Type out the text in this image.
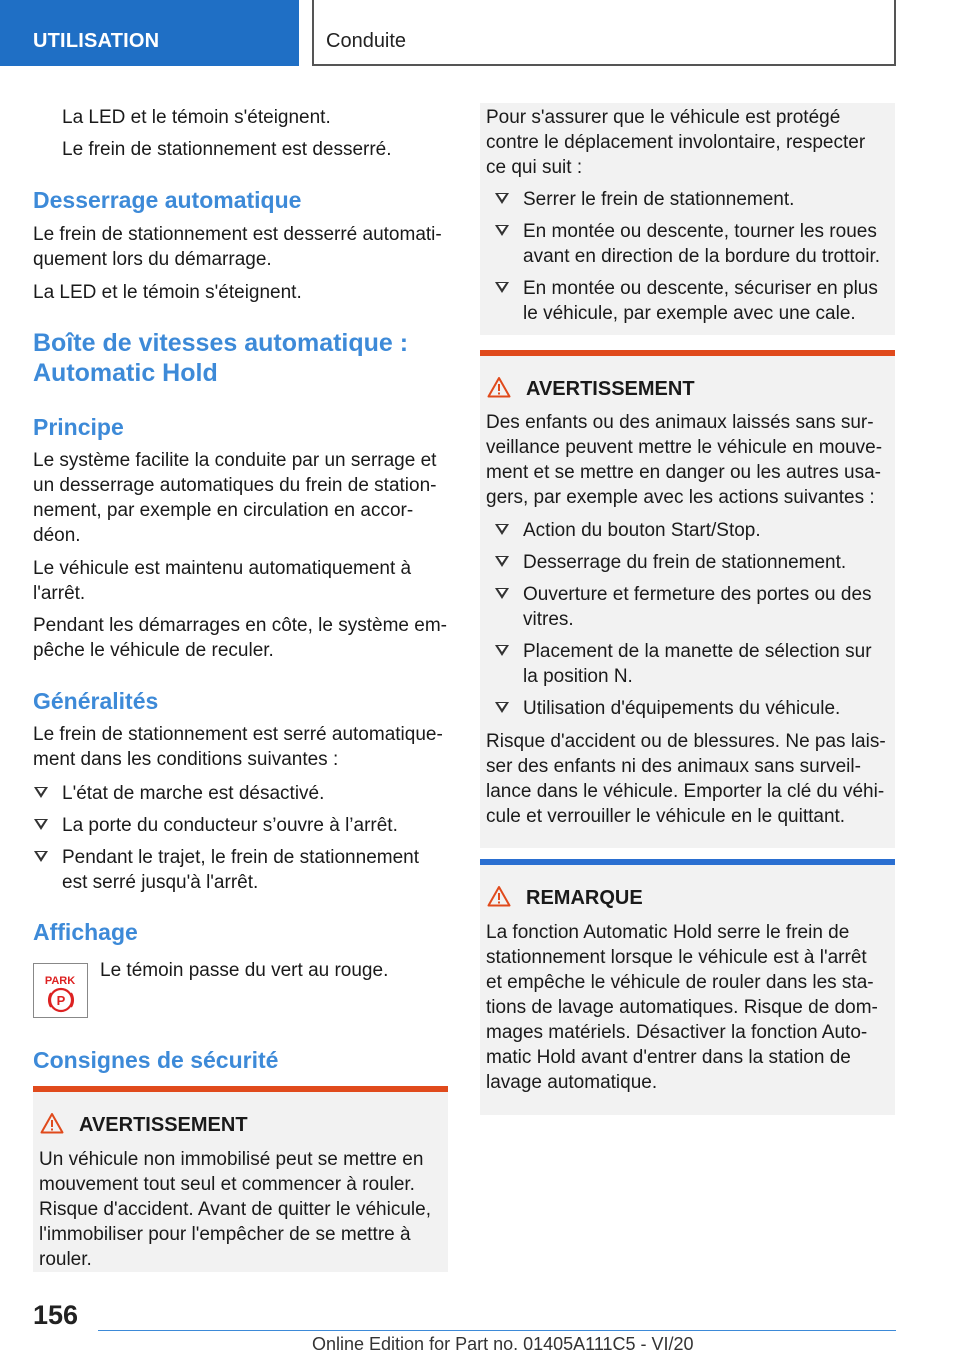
UTILISATION	Conduite

La LED et le témoin s'éteignent.

Le frein de stationnement est desserré.

Desserrage automatique

Le frein de stationnement est desserré automati-

quement lors du démarrage.

La LED et le témoin s'éteignent.

Boîte de vitesses automatique :

Automatic Hold

Principe

Le système facilite la conduite par un serrage et

un desserrage automatiques du frein de station-

nement, par exemple en circulation en accor-

déon.

Le véhicule est maintenu automatiquement à

l'arrêt.

Pendant les démarrages en côte, le système em-

pêche le véhicule de reculer.

Généralités

Le frein de stationnement est serré automatique-

ment dans les conditions suivantes :

L'état de marche est désactivé.
La porte du conducteur s’ouvre à l’arrêt.
Pendant le trajet, le frein de stationnement
est serré jusqu'à l'arrêt.

Affichage

Le témoin passe du vert au rouge.

Consignes de sécurité

PARK
P

AVERTISSEMENT

Un véhicule non immobilisé peut se mettre en

mouvement tout seul et commencer à rouler.

Risque d'accident. Avant de quitter le véhicule,

l'immobiliser pour l'empêcher de se mettre à

rouler.

Pour s'assurer que le véhicule est protégé

contre le déplacement involontaire, respecter

ce qui suit :

Serrer le frein de stationnement.
En montée ou descente, tourner les roues
avant en direction de la bordure du trottoir.
En montée ou descente, sécuriser en plus
le véhicule, par exemple avec une cale.

AVERTISSEMENT

Des enfants ou des animaux laissés sans sur-

veillance peuvent mettre le véhicule en mouve-

ment et se mettre en danger ou les autres usa-

gers, par exemple avec les actions suivantes :

Action du bouton Start/Stop.
Desserrage du frein de stationnement.
Ouverture et fermeture des portes ou des
vitres.
Placement de la manette de sélection sur
la position N.
Utilisation d'équipements du véhicule.

Risque d'accident ou de blessures. Ne pas lais-

ser des enfants ni des animaux sans surveil-

lance dans le véhicule. Emporter la clé du véhi-

cule et verrouiller le véhicule en le quittant.

REMARQUE

La fonction Automatic Hold serre le frein de

stationnement lorsque le véhicule est à l'arrêt

et empêche le véhicule de rouler dans les sta-

tions de lavage automatiques. Risque de dom-

mages matériels. Désactiver la fonction Auto-

matic Hold avant d'entrer dans la station de

lavage automatique.

156
Online Edition for Part no. 01405A111C5 - VI/20
